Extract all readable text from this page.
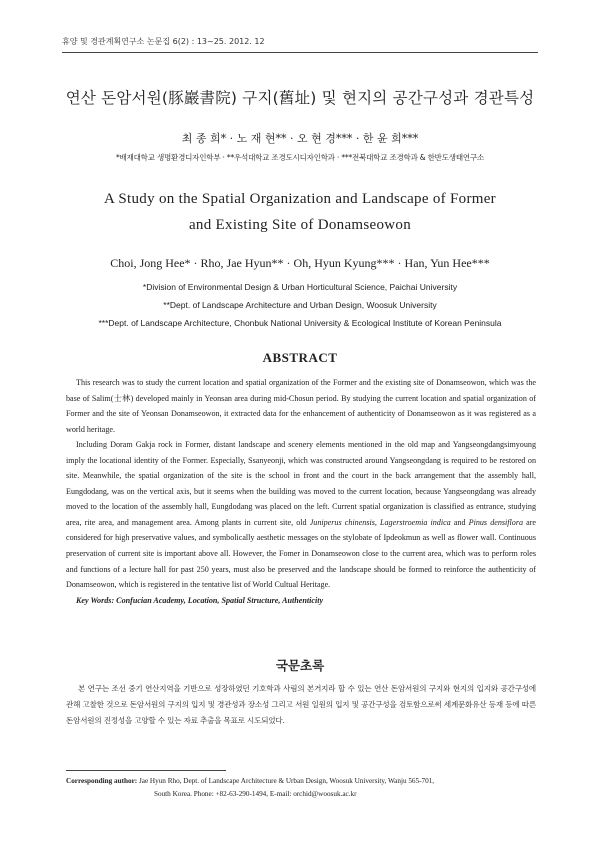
휴양 및 경관계획연구소 논문집 6(2) : 13~25. 2012. 12
연산 돈암서원(豚巖書院) 구지(舊址) 및 현지의 공간구성과 경관특성
최 종 희* · 노 재 현** · 오 현 경*** · 한 윤 희***
*배재대학교 생명환경디자인학부 · **우석대학교 조경도시디자인학과 · ***전북대학교 조경학과 & 한반도생태연구소
A Study on the Spatial Organization and Landscape of Former
and Existing Site of Donamseowon
Choi, Jong Hee* · Rho, Jae Hyun** · Oh, Hyun Kyung*** · Han, Yun Hee***
*Division of Environmental Design & Urban Horticultural Science, Paichai University
**Dept. of Landscape Architecture and Urban Design, Woosuk University
***Dept. of Landscape Architecture, Chonbuk National University & Ecological Institute of Korean Peninsula
ABSTRACT

This research was to study the current location and spatial organization of the Former and the existing site of Donamseowon, which was the base of Salim(士林) developed mainly in Yeonsan area during mid-Chosun period. By studying the current location and spatial organization of Former and the site of Yeonsan Donamseowon, it extracted data for the enhancement of authenticity of Donamseowon as it was registered as a world heritage.

Including Doram Gakja rock in Former, distant landscape and scenery elements mentioned in the old map and Yangseongdangsimyoung imply the locational identity of the Former. Especially, Ssanyeonji, which was constructed around Yangseongdang is required to be restored on site. Meanwhile, the spatial organization of the site is the school in front and the court in the back arrangement that the assembly hall, Eungdodang, was on the vertical axis, but it seems when the building was moved to the current location, because Yangseongdang was already moved to the location of the assembly hall, Eungdodang was placed on the left. Current spatial organization is classified as entrance, studying area, rite area, and management area. Among plants in current site, old Juniperus chinensis, Lagerstroemia indica and Pinus densiflora are considered for high preservative values, and symbolically aesthetic messages on the stylobate of Ipdeokmun as well as flower wall. Continuous preservation of current site is important above all. However, the Fomer in Donamseowon close to the current area, which was to perform roles and functions of a lecture hall for past 250 years, must also be preserved and the landscape should be formed to reinforce the authenticity of Donamseowon, which is registered in the tentative list of World Cultual Heritage.

Key Words: Confucian Academy, Location, Spatial Structure, Authenticity
국문초록

본 연구는 조선 중기 연산지역을 기반으로 성장하였던 기호학과 사림의 본거지라 할 수 있는 연산 돈암서원의 구지와 현지의 입지와 공간구성에 관해 고찰한 것으로 돈암서원의 구지의 입지 및 경관성과 장소성 그리고 서원 일원의 입지 및 공간구성을 검토함으로써 세계문화유산 등재 등에 따른 돈암서원의 진정성을 고양할 수 있는 자료 추출을 목표로 시도되었다.

Corresponding author: Jae Hyun Rho, Dept. of Landscape Architecture & Urban Design, Woosuk University, Wanju 565-701,
South Korea. Phone: +82-63-290-1494, E-mail: orchid@woosuk.ac.kr
